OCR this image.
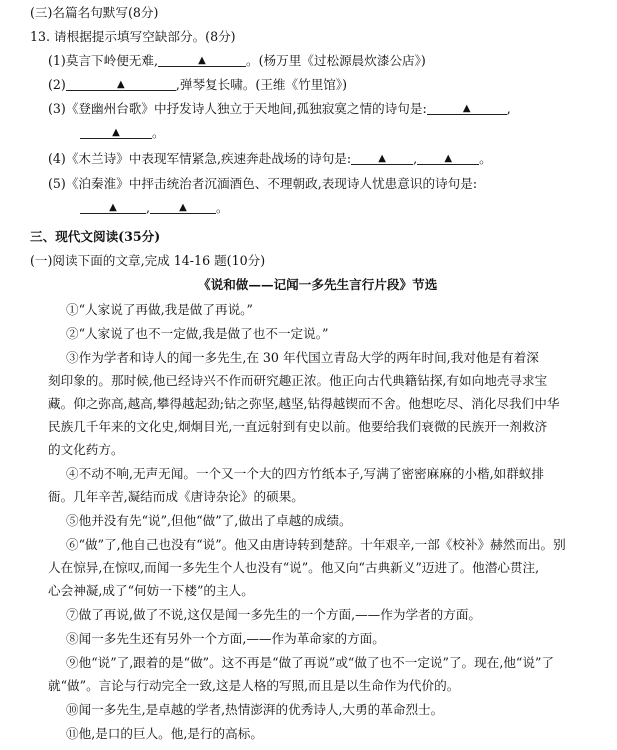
(三)名篇名句默写(8分)
13. 请根据提示填写空缺部分。(8分)
(1)莫言下岭便无难,	▲	。(杨万里《过松源晨炊漆公店》)
(2)	▲	,弹琴复长啸。(王维《竹里馆》)
(3)《登幽州台歌》中抒发诗人独立于天地间,孤独寂寞之情的诗句是:	▲	,
▲	。
(4)《木兰诗》中表现军情紧急,疾速奔赴战场的诗句是:	▲ ,	▲ 。
(5)《泊秦淮》中抨击统治者沉湎酒色、不理朝政,表现诗人忧患意识的诗句是:
▲ ,	▲ 。
三、现代文阅读(35分)
(一)阅读下面的文章,完成 14-16 题(10分)
《说和做——记闻一多先生言行片段》节选
①“人家说了再做,我是做了再说。”
②“人家说了也不一定做,我是做了也不一定说。”
③作为学者和诗人的闻一多先生,在 30 年代国立青岛大学的两年时间,我对他是有着深
刻印象的。那时候,他已经诗兴不作而研究趣正浓。他正向古代典籍钻探,有如向地壳寻求宝
藏。仰之弥高,越高,攀得越起劲;钻之弥坚,越坚,钻得越锲而不舍。他想吃尽、消化尽我们中华
民族几千年来的文化史,炯炯目光,一直远射到有史以前。他要给我们衰微的民族开一剂救济
的文化药方。
④不动不响,无声无闻。一个又一个大的四方竹纸本子,写满了密密麻麻的小楷,如群蚁排
衙。几年辛苦,凝结而成《唐诗杂论》的硕果。
⑤他并没有先“说”,但他“做”了,做出了卓越的成绩。
⑥“做”了,他自己也没有“说”。他又由唐诗转到楚辞。十年艰辛,一部《校补》赫然而出。别
人在惊异,在惊叹,而闻一多先生个人也没有“说”。他又向“古典新义”迈进了。他潜心贯注,
心会神凝,成了“何妨一下楼”的主人。
⑦做了再说,做了不说,这仅是闻一多先生的一个方面,——作为学者的方面。
⑧闻一多先生还有另外一个方面,——作为革命家的方面。
⑨他“说”了,跟着的是“做”。这不再是“做了再说”或“做了也不一定说”了。现在,他“说”了
就“做”。言论与行动完全一致,这是人格的写照,而且是以生命作为代价的。
⑩闻一多先生,是卓越的学者,热情澎湃的优秀诗人,大勇的革命烈士。
⑪他,是口的巨人。他,是行的高标。
